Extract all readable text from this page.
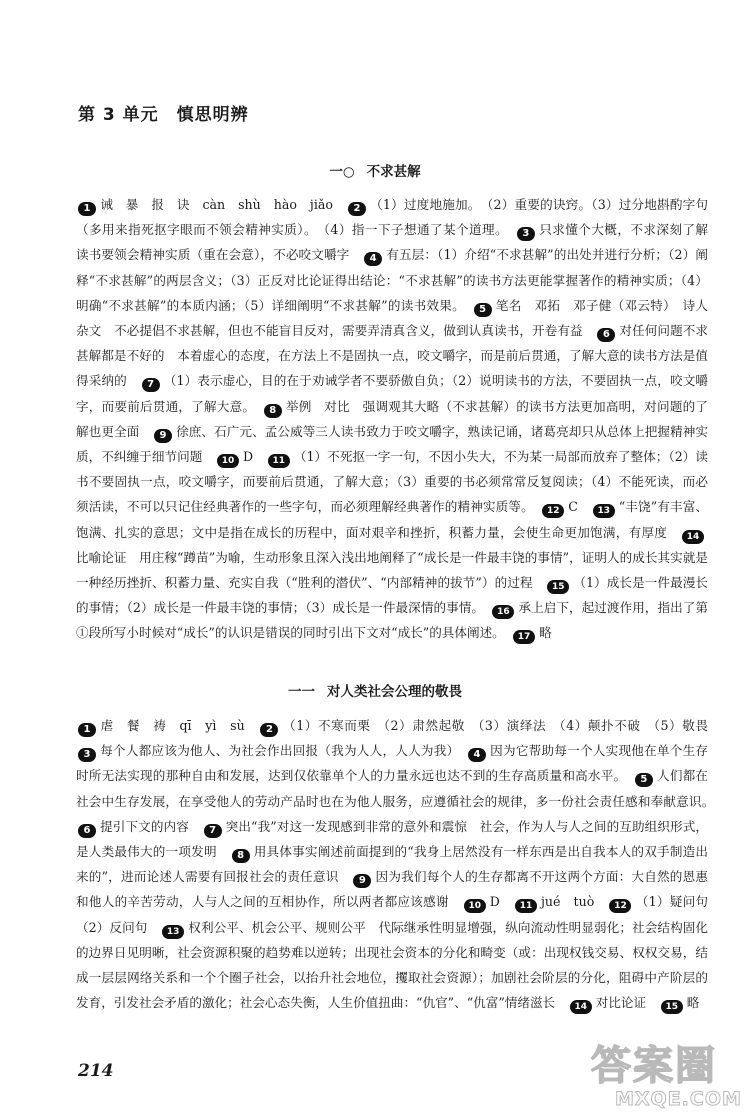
第 3 单元　慎思明辨
一○ 不求甚解
1 诫　暴　报　诀　càn　shù　hào　jiǎo　 2 （1）过度地施加。　（2）重要的诀窍。（3）过分地斟酌字句（多用来指死抠字眼而不领会精神实质）。　（4）指一下子想通了某个道理。　 3 只求懂个大概，不求深刻了解　读书要领会精神实质（重在会意），不必咬文嚼字　 4 有五层：（1）介绍“不求甚解”的出处并进行分析；（2）阐释“不求甚解”的两层含义；（3）正反对比论证得出结论：“不求甚解”的读书方法更能掌握著作的精神实质；（4）明确“不求甚解”的本质内涵；（5）详细阐明“不求甚解”的读书效果。　 5 笔名　邓拓　邓子健（邓云特）　诗人　杂文　不必提倡不求甚解，但也不能盲目反对，需要弄清真含义，做到认真读书，开卷有益　 6 对任何问题不求甚解都是不好的　本着虚心的态度，在方法上不是固执一点，咬文嚼字，而是前后贯通，了解大意的读书方法是值得采纳的　 7 （1）表示虚心，目的在于劝诫学者不要骄傲自负；（2）说明读书的方法，不要固执一点，咬文嚼字，而要前后贯通，了解大意。　 8 举例　对比　强调观其大略（不求甚解）的读书方法更加高明，对问题的了解也更全面　 9 徐庶、石广元、孟公威等三人读书致力于咬文嚼字，熟读记诵，诸葛亮却只从总体上把握精神实质，不纠缠于细节问题　 10 D　 11 （1）不死抠一字一句，不因小失大，不为某一局部而放弃了整体；（2）读书不要固执一点，咬文嚼字，而要前后贯通，了解大意；（3）重要的书必须常常反复阅读；（4）不能死读，而必须活读，不可以只记住经典著作的一些字句，而必须理解经典著作的精神实质等。　 12 C　 13 “丰饶”有丰富、饱满、扎实的意思；文中是指在成长的历程中，面对艰辛和挫折，积蓄力量，会使生命更加饱满，有厚度　 14比喻论证　用庄稼“蹲苗”为喻，生动形象且深入浅出地阐释了“成长是一件最丰饶的事情”，证明人的成长其实就是一种经历挫折、积蓄力量、充实自我（“胜利的潜伏”、“内部精神的拔节”）的过程　 15 （1）成长是一件最漫长的事情；（2）成长是一件最丰饶的事情；（3）成长是一件最深情的事情。　 16 承上启下，起过渡作用，指出了第①段所写小时候对“成长”的认识是错误的同时引出下文对“成长”的具体阐述。　 17 略　
一一 对人类社会公理的敬畏
1 虐　餐　祷　qī　yì　sù　 2 （1）不寒而栗　（2）肃然起敬　（3）演绎法　（4）颠扑不破　（5）敬畏　3 每个人都应该为他人、为社会作出回报（我为人人，人人为我）　 4 因为它帮助每一个人实现他在单个生存时所无法实现的那种自由和发展，达到仅依靠单个人的力量永远也达不到的生存高质量和高水平。　 5 人们都在社会中生存发展，在享受他人的劳动产品时也在为他人服务，应遵循社会的规律，多一份社会责任感和奉献意识。　6 提引下文的内容　 7 突出“我”对这一发现感到非常的意外和震惊　社会，作为人与人之间的互助组织形式，是人类最伟大的一项发明　 8 用具体事实阐述前面提到的“我身上居然没有一样东西是出自我本人的双手制造出来的”，进而论述人需要有回报社会的责任意识　 9 因为我们每个人的生存都离不开这两个方面：大自然的恩惠和他人的辛苦劳动，人与人之间的互相协作，所以两者都应该感谢　 10 D　 11 jué　tuò　 12 （1）疑问句　（2）反问句　 13 权利公平、机会公平、规则公平　代际继承性明显增强，纵向流动性明显弱化；社会结构固化的边界日见明晰，社会资源积聚的趋势难以逆转；出现社会资本的分化和畸变（或：出现权钱交易、权权交易，结成一层层网络关系和一个个圈子社会，以抬升社会地位，攫取社会资源）；加剧社会阶层的分化，阻碍中产阶层的发育，引发社会矛盾的激化；社会心态失衡，人生价值扭曲：“仇官”、“仇富”情绪滋长　 14 对比论证　 15 略　
214	答案圈
MXQE.COM
